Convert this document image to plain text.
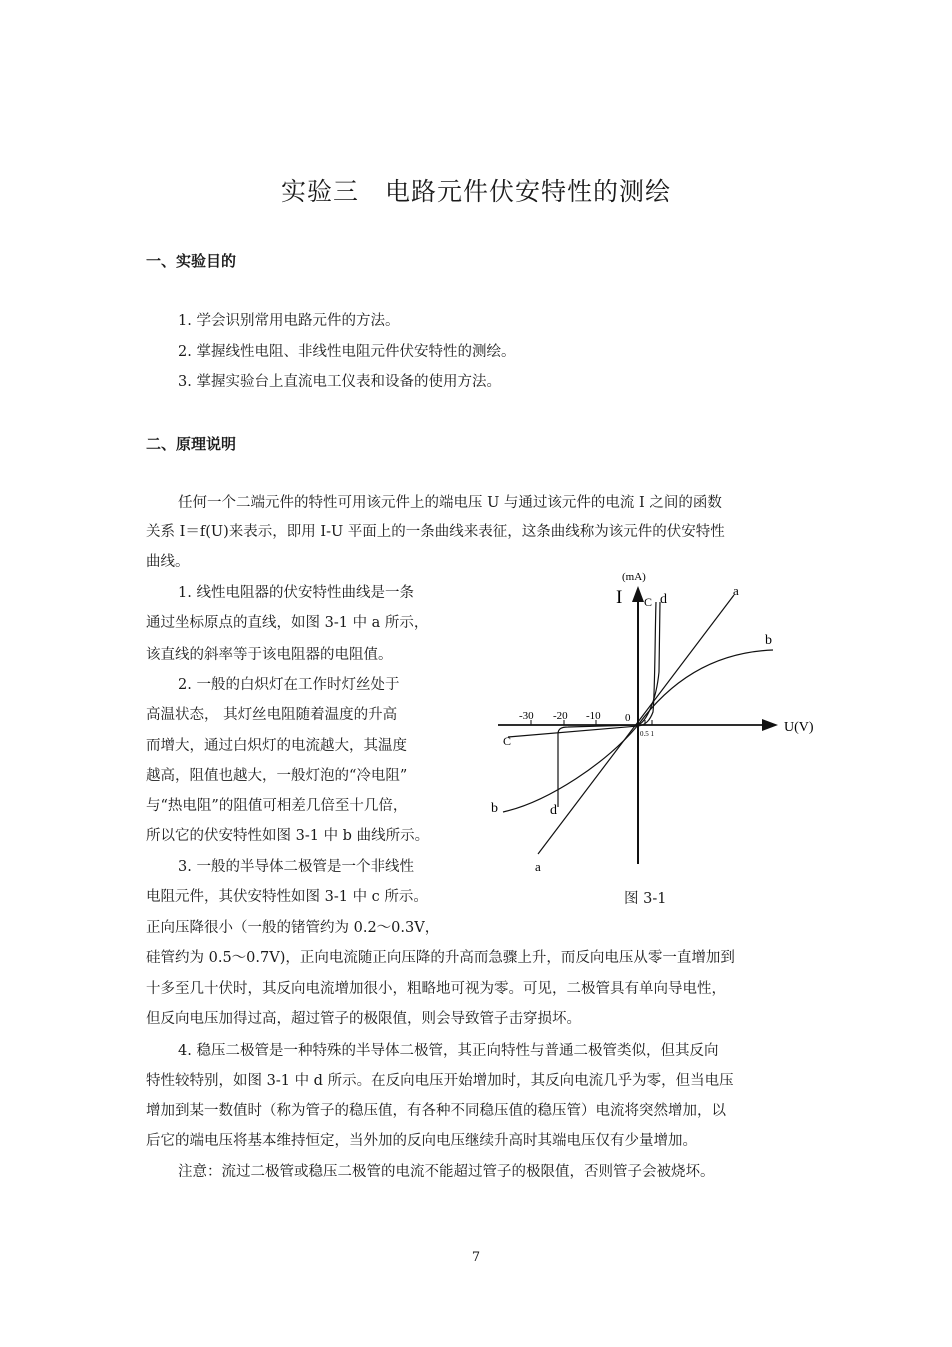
实验三　电路元件伏安特性的测绘
一、实验目的
1. 学会识别常用电路元件的方法。
2. 掌握线性电阻、非线性电阻元件伏安特性的测绘。
3. 掌握实验台上直流电工仪表和设备的使用方法。
二、原理说明
任何一个二端元件的特性可用该元件上的端电压 U 与通过该元件的电流 I 之间的函数
关系 I＝f(U)来表示，即用 I-U 平面上的一条曲线来表征，这条曲线称为该元件的伏安特性
曲线。
1. 线性电阻器的伏安特性曲线是一条
通过坐标原点的直线，如图 3-1 中 a 所示，
该直线的斜率等于该电阻器的电阻值。
2. 一般的白炽灯在工作时灯丝处于
高温状态， 其灯丝电阻随着温度的升高
而增大，通过白炽灯的电流越大，其温度
越高，阻值也越大，一般灯泡的“冷电阻”
与“热电阻”的阻值可相差几倍至十几倍，
所以它的伏安特性如图 3-1 中 b 曲线所示。
3. 一般的半导体二极管是一个非线性
电阻元件，其伏安特性如图 3-1 中 c 所示。
正向压降很小（一般的锗管约为 0.2～0.3V，
硅管约为 0.5～0.7V)，正向电流随正向压降的升高而急骤上升，而反向电压从零一直增加到
十多至几十伏时，其反向电流增加很小，粗略地可视为零。可见，二极管具有单向导电性，
但反向电压加得过高，超过管子的极限值，则会导致管子击穿损坏。
4. 稳压二极管是一种特殊的半导体二极管，其正向特性与普通二极管类似，但其反向
特性较特别，如图 3-1 中 d 所示。在反向电压开始增加时，其反向电流几乎为零，但当电压
增加到某一数值时（称为管子的稳压值，有各种不同稳压值的稳压管）电流将突然增加，以
后它的端电压将基本维持恒定，当外加的反向电压继续升高时其端电压仅有少量增加。
注意：流过二极管或稳压二极管的电流不能超过管子的极限值，否则管子会被烧坏。
(mA)
I
U(V)
-30 -20 -10 0
0.5 1
a
a
b
b
C
C
d
d
图 3-1
7
